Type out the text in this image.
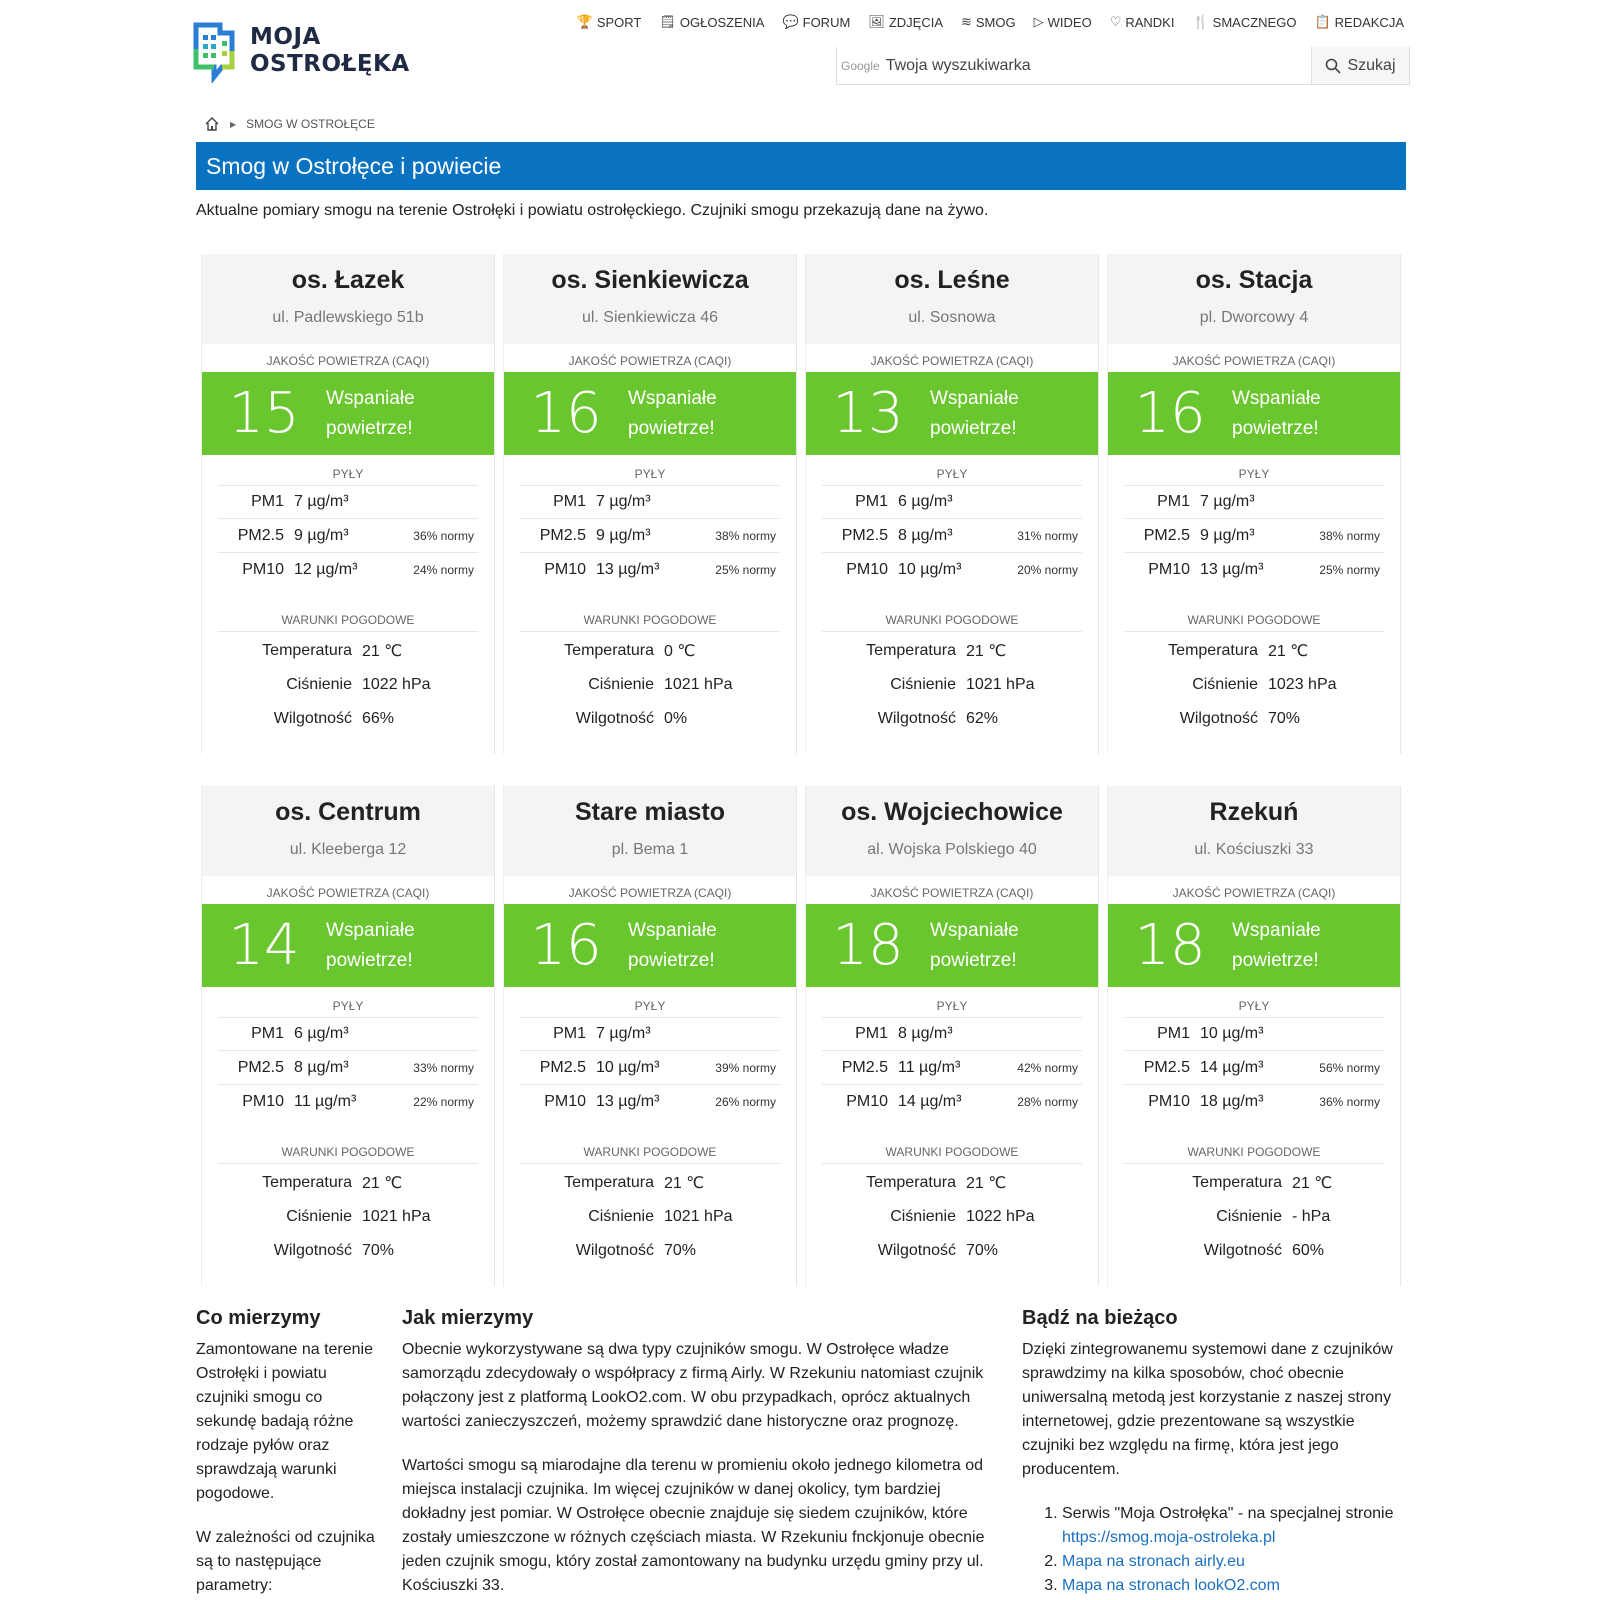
MOJA
OSTROŁĘKA
🏆 SPORT 🗒 OGŁOSZENIA 💬 FORUM 🖼 ZDJĘCIA ≋ SMOG ▷ WIDEO ♡ RANDKI 🍴 SMACZNEGO 📋 REDAKCJA
Google
Twoja wyszukiwarka	Szukaj
▶ SMOG W OSTROŁĘCE
Smog w Ostrołęce i powiecie
Aktualne pomiary smogu na terenie Ostrołęki i powiatu ostrołęckiego. Czujniki smogu przekazują dane na żywo.
os. Łazek
ul. Padlewskiego 51b
JAKOŚĆ POWIETRZA (CAQI)
15	Wspaniałe
powietrze!
PYŁY
PM1 7 µg/m³
PM2.5 9 µg/m³	36% normy
PM10 12 µg/m³	24% normy
WARUNKI POGODOWE
Temperatura 21 ℃
Ciśnienie 1022 hPa
Wilgotność 66%
os. Sienkiewicza
ul. Sienkiewicza 46
JAKOŚĆ POWIETRZA (CAQI)
16	Wspaniałe
powietrze!
PYŁY
PM1 7 µg/m³
PM2.5 9 µg/m³	38% normy
PM10 13 µg/m³	25% normy
WARUNKI POGODOWE
Temperatura 0 ℃
Ciśnienie 1021 hPa
Wilgotność 0%
os. Leśne
ul. Sosnowa
JAKOŚĆ POWIETRZA (CAQI)
13	Wspaniałe
powietrze!
PYŁY
PM1 6 µg/m³
PM2.5 8 µg/m³	31% normy
PM10 10 µg/m³	20% normy
WARUNKI POGODOWE
Temperatura 21 ℃
Ciśnienie 1021 hPa
Wilgotność 62%
os. Stacja
pl. Dworcowy 4
JAKOŚĆ POWIETRZA (CAQI)
16	Wspaniałe
powietrze!
PYŁY
PM1 7 µg/m³
PM2.5 9 µg/m³	38% normy
PM10 13 µg/m³	25% normy
WARUNKI POGODOWE
Temperatura 21 ℃
Ciśnienie 1023 hPa
Wilgotność 70%
os. Centrum
ul. Kleeberga 12
JAKOŚĆ POWIETRZA (CAQI)
14	Wspaniałe
powietrze!
PYŁY
PM1 6 µg/m³
PM2.5 8 µg/m³	33% normy
PM10 11 µg/m³	22% normy
WARUNKI POGODOWE
Temperatura 21 ℃
Ciśnienie 1021 hPa
Wilgotność 70%
Stare miasto
pl. Bema 1
JAKOŚĆ POWIETRZA (CAQI)
16	Wspaniałe
powietrze!
PYŁY
PM1 7 µg/m³
PM2.5 10 µg/m³	39% normy
PM10 13 µg/m³	26% normy
WARUNKI POGODOWE
Temperatura 21 ℃
Ciśnienie 1021 hPa
Wilgotność 70%
os. Wojciechowice
al. Wojska Polskiego 40
JAKOŚĆ POWIETRZA (CAQI)
18	Wspaniałe
powietrze!
PYŁY
PM1 8 µg/m³
PM2.5 11 µg/m³	42% normy
PM10 14 µg/m³	28% normy
WARUNKI POGODOWE
Temperatura 21 ℃
Ciśnienie 1022 hPa
Wilgotność 70%
Rzekuń
ul. Kościuszki 33
JAKOŚĆ POWIETRZA (CAQI)
18	Wspaniałe
powietrze!
PYŁY
PM1 10 µg/m³
PM2.5 14 µg/m³	56% normy
PM10 18 µg/m³	36% normy
WARUNKI POGODOWE
Temperatura 21 ℃
Ciśnienie - hPa
Wilgotność 60%
Co mierzymy

Zamontowane na terenie Ostrołęki i powiatu czujniki smogu co sekundę badają różne rodzaje pyłów oraz sprawdzają warunki pogodowe.

W zależności od czujnika są to następujące parametry:

Jak mierzymy

Obecnie wykorzystywane są dwa typy czujników smogu. W Ostrołęce władze samorządu zdecydowały o współpracy z firmą Airly. W Rzekuniu natomiast czujnik połączony jest z platformą LookO2.com. W obu przypadkach, oprócz aktualnych wartości zanieczyszczeń, możemy sprawdzić dane historyczne oraz prognozę.

Wartości smogu są miarodajne dla terenu w promieniu około jednego kilometra od miejsca instalacji czujnika. Im więcej czujników w danej okolicy, tym bardziej dokładny jest pomiar. W Ostrołęce obecnie znajduje się siedem czujników, które zostały umieszczone w różnych częściach miasta. W Rzekuniu fnckjonuje obecnie jeden czujnik smogu, który został zamontowany na budynku urzędu gminy przy ul. Kościuszki 33.

Bądź na bieżąco

Dzięki zintegrowanemu systemowi dane z czujników sprawdzimy na kilka sposobów, choć obecnie uniwersalną metodą jest korzystanie z naszej strony internetowej, gdzie prezentowane są wszystkie czujniki bez względu na firmę, która jest jego producentem.

1. Serwis "Moja Ostrołęka" - na specjalnej stronie https://smog.moja-ostroleka.pl
2. Mapa na stronach airly.eu
3. Mapa na stronach lookO2.com
